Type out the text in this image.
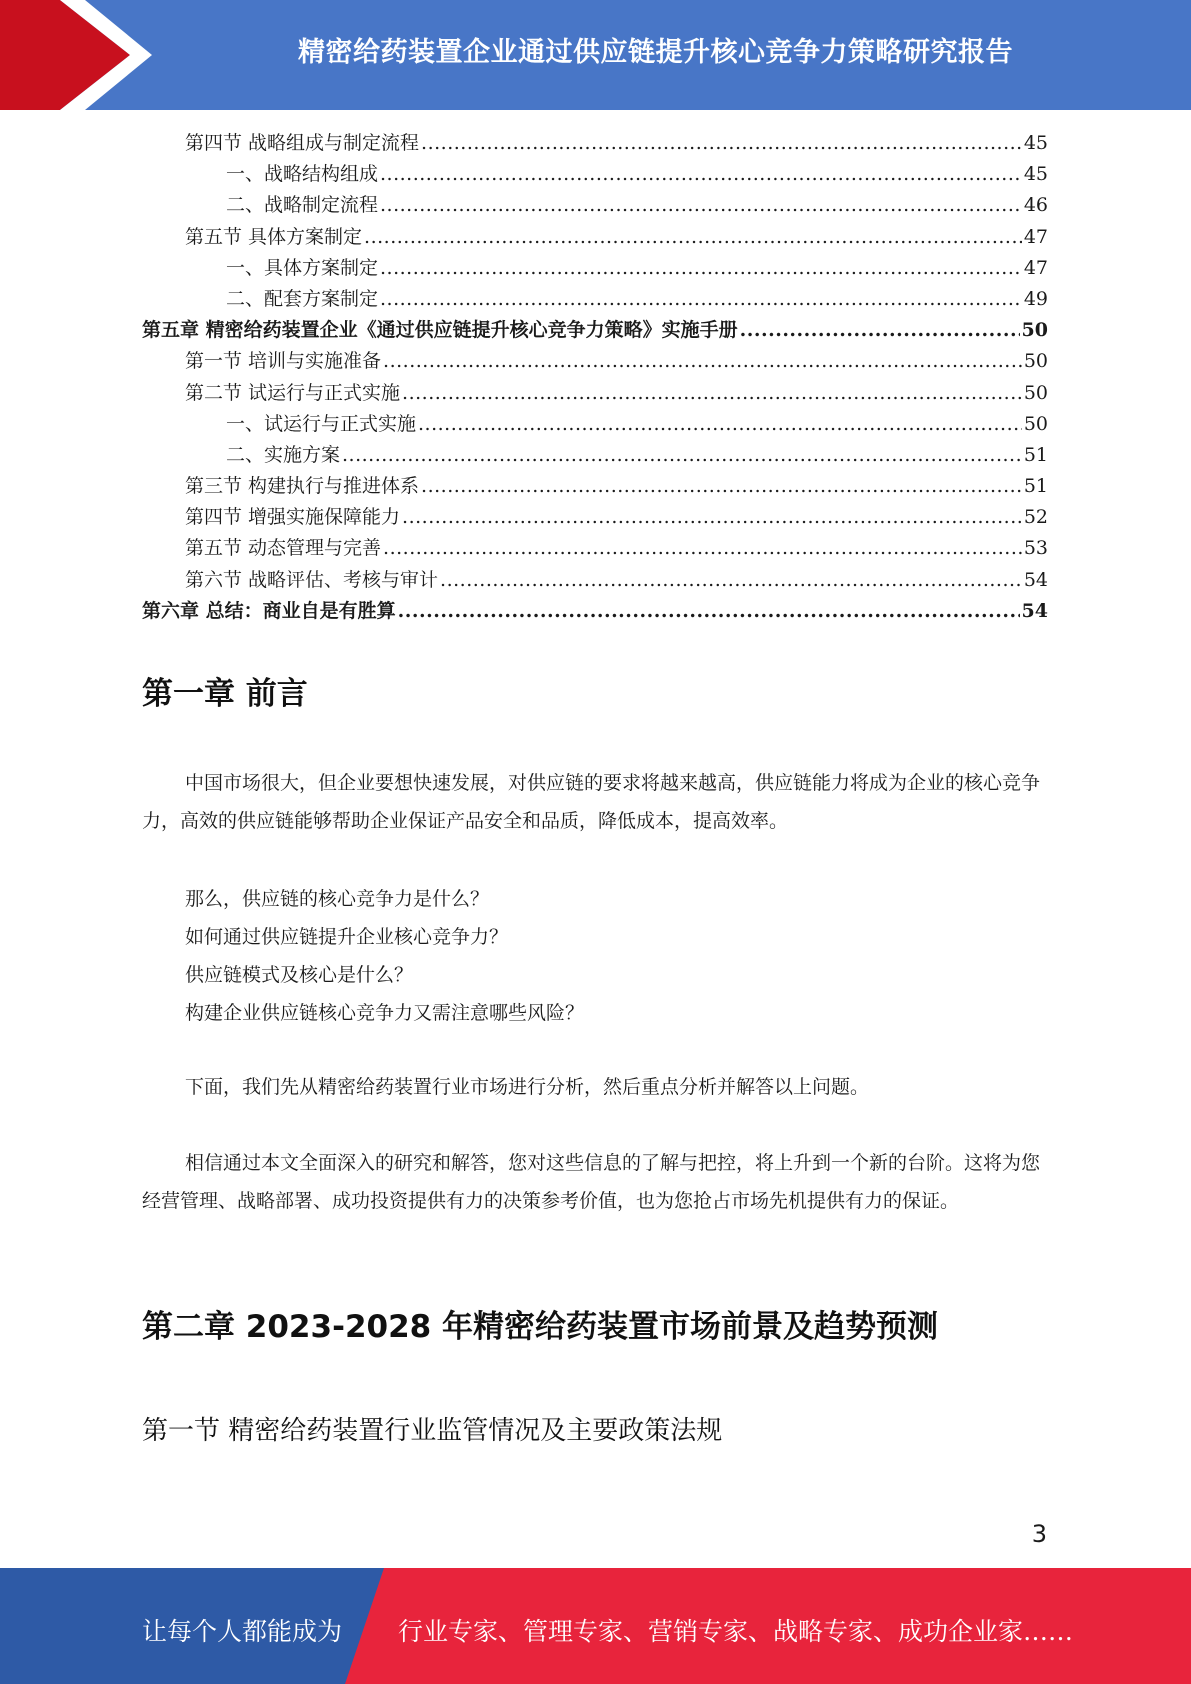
精密给药装置企业通过供应链提升核心竞争力策略研究报告
第四节 战略组成与制定流程 .....	45
一、战略结构组成 .....	45
二、战略制定流程 .....	46
第五节 具体方案制定 .....	47
一、具体方案制定 .....	47
二、配套方案制定 .....	49
第五章 精密给药装置企业《通过供应链提升核心竞争力策略》实施手册 .....	50
第一节 培训与实施准备 .....	50
第二节 试运行与正式实施 .....	50
一、试运行与正式实施 .....	50
二、实施方案 .....	51
第三节 构建执行与推进体系 .....	51
第四节 增强实施保障能力 .....	52
第五节 动态管理与完善 .....	53
第六节 战略评估、考核与审计 .....	54
第六章 总结：商业自是有胜算 .....	54
第一章 前言

中国市场很大，但企业要想快速发展，对供应链的要求将越来越高，供应链能力将成为企业的核心竞争力，高效的供应链能够帮助企业保证产品安全和品质，降低成本，提高效率。

那么，供应链的核心竞争力是什么？
如何通过供应链提升企业核心竞争力？
供应链模式及核心是什么？
构建企业供应链核心竞争力又需注意哪些风险？

下面，我们先从精密给药装置行业市场进行分析，然后重点分析并解答以上问题。

相信通过本文全面深入的研究和解答，您对这些信息的了解与把控，将上升到一个新的台阶。这将为您经营管理、战略部署、成功投资提供有力的决策参考价值，也为您抢占市场先机提供有力的保证。

第二章 2023-2028 年精密给药装置市场前景及趋势预测
第一节 精密给药装置行业监管情况及主要政策法规
3
让每个人都能成为 行业专家、管理专家、营销专家、战略专家、成功企业家……
